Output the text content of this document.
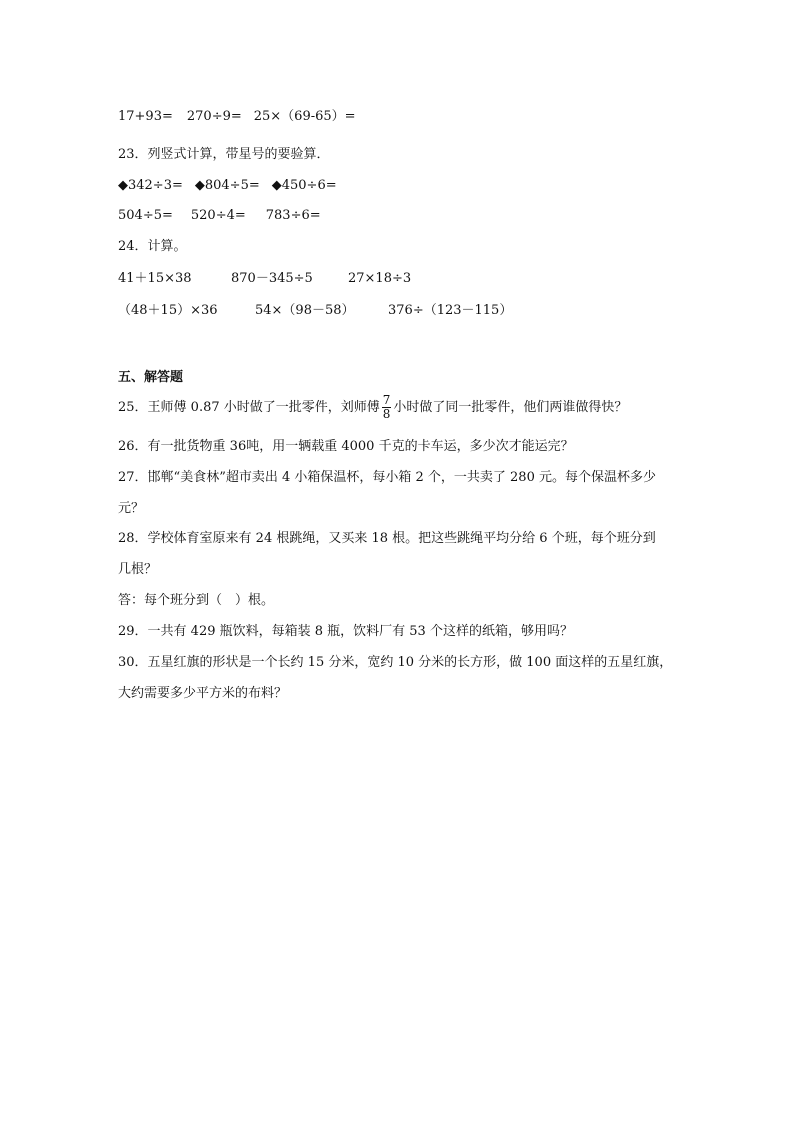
17+93= 270÷9= 25×（69-65）=
23．列竖式计算，带星号的要验算．
◆342÷3= ◆804÷5= ◆450÷6=
504÷5= 520÷4= 783÷6=
24．计算。
41＋15×38	870－345÷5	27×18÷3
（48＋15）×36	54×（98－58）	376÷（123－115）
五、解答题
25．王师傅 0.87 小时做了一批零件，刘师傅 $\frac{7}{8}$ 小时做了同一批零件，他们两谁做得快？
26．有一批货物重 36吨，用一辆载重 4000 千克的卡车运，多少次才能运完？
27．邯郸“美食林”超市卖出 4 小箱保温杯，每小箱 2 个，一共卖了 280 元。每个保温杯多少
元？
28．学校体育室原来有 24 根跳绳，又买来 18 根。把这些跳绳平均分给 6 个班，每个班分到
几根？
答：每个班分到（　）根。
29．一共有 429 瓶饮料，每箱装 8 瓶，饮料厂有 53 个这样的纸箱，够用吗？
30．五星红旗的形状是一个长约 15 分米，宽约 10 分米的长方形，做 100 面这样的五星红旗，
大约需要多少平方米的布料？
